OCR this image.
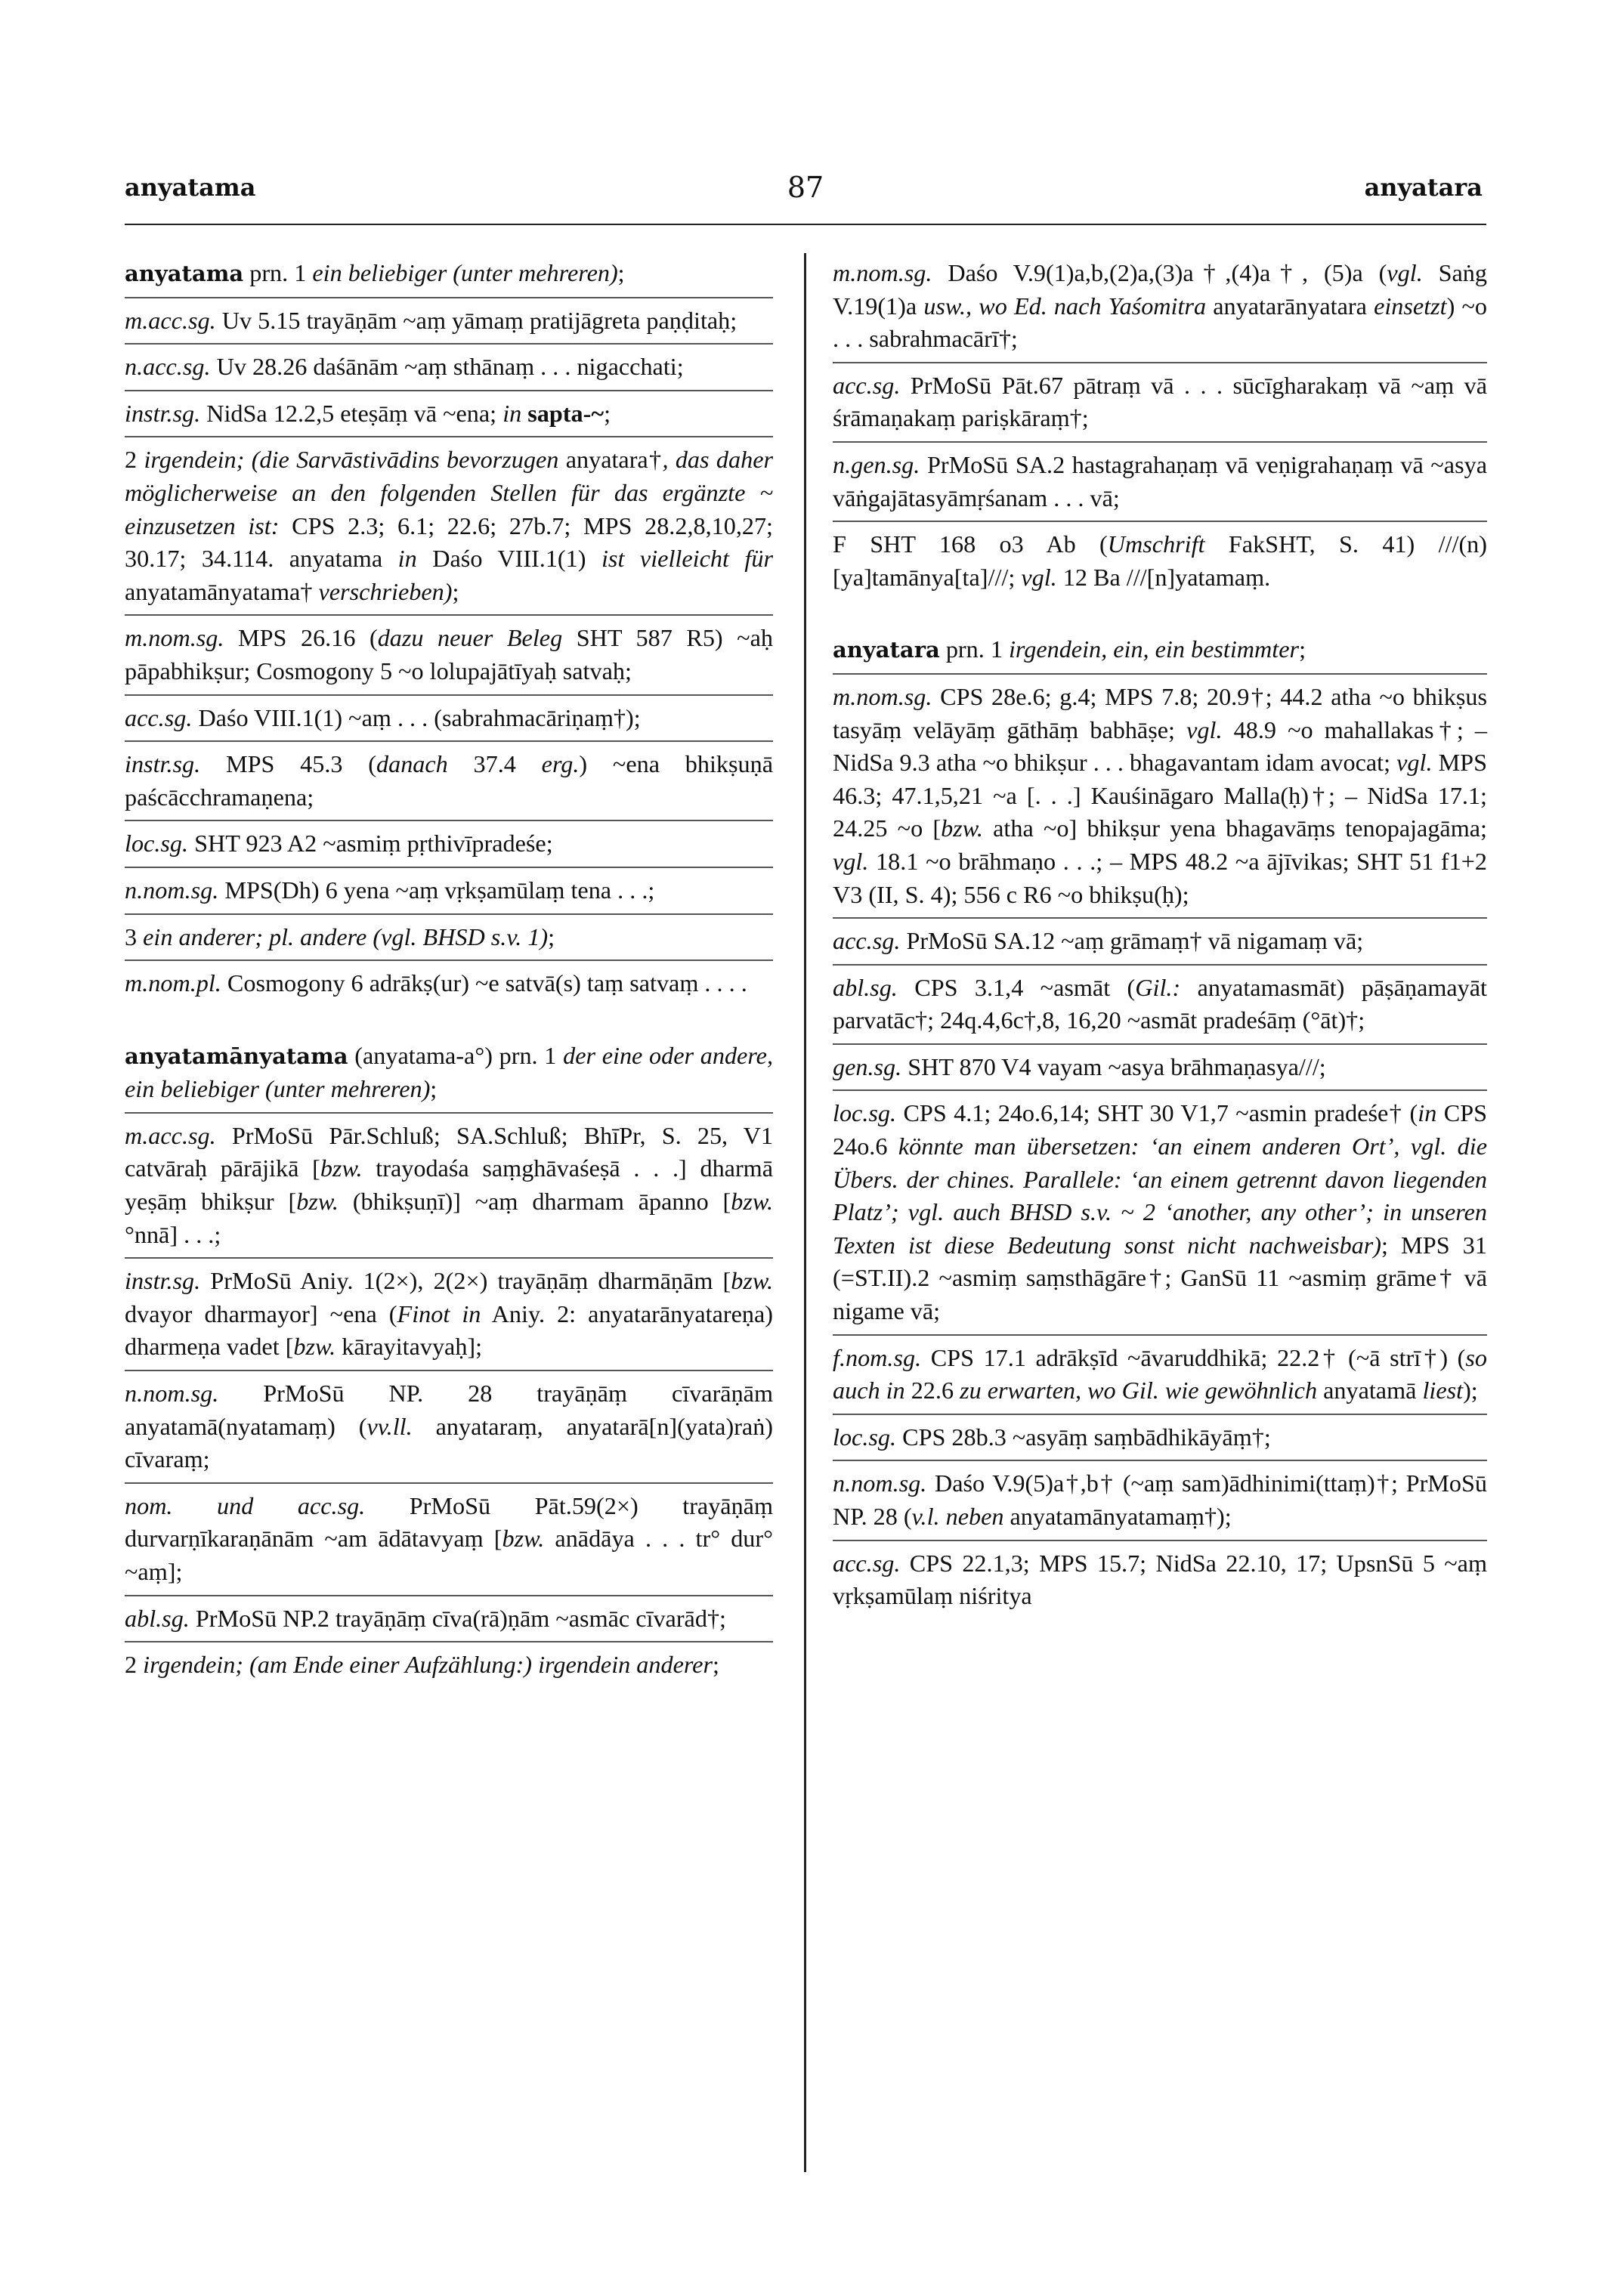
anyatama	87	anyatara

anyatama prn. 1 ein beliebiger (unter mehreren);

m.acc.sg. Uv 5.15 trayāṇām ~aṃ yāmaṃ pratijāgreta paṇḍitaḥ;

n.acc.sg. Uv 28.26 daśānām ~aṃ sthānaṃ . . . nigacchati;

instr.sg. NidSa 12.2,5 eteṣāṃ vā ~ena; in sapta-~;

2 irgendein; (die Sarvāstivādins bevorzugen anyatara†, das daher möglicherweise an den folgenden Stellen für das ergänzte ~ einzusetzen ist: CPS 2.3; 6.1; 22.6; 27b.7; MPS 28.2,8,10,27; 30.17; 34.114. anyatama in Daśo VIII.1(1) ist vielleicht für anyatamānyatama† verschrieben);

m.nom.sg. MPS 26.16 (dazu neuer Beleg SHT 587 R5) ~aḥ pāpabhikṣur; Cosmogony 5 ~o lolupajātīyaḥ satvaḥ;

acc.sg. Daśo VIII.1(1) ~aṃ . . . (sabrahmacāriṇaṃ†);

instr.sg. MPS 45.3 (danach 37.4 erg.) ~ena bhikṣuṇā paścācchramaṇena;

loc.sg. SHT 923 A2 ~asmiṃ pṛthivīpradeśe;

n.nom.sg. MPS(Dh) 6 yena ~aṃ vṛkṣamūlaṃ tena . . .;

3 ein anderer; pl. andere (vgl. BHSD s.v. 1);

m.nom.pl. Cosmogony 6 adrākṣ(ur) ~e satvā(s) taṃ satvaṃ . . . .

anyatamānyatama (anyatama-a°) prn. 1 der eine oder andere, ein beliebiger (unter mehreren);

m.acc.sg. PrMoSū Pār.Schluß; SA.Schluß; BhīPr, S. 25, V1 catvāraḥ pārājikā [bzw. trayodaśa saṃghāvaśeṣā . . .] dharmā yeṣāṃ bhikṣur [bzw. (bhikṣuṇī)] ~aṃ dharmam āpanno [bzw. °nnā] . . .;

instr.sg. PrMoSū Aniy. 1(2×), 2(2×) trayāṇāṃ dharmāṇām [bzw. dvayor dharmayor] ~ena (Finot in Aniy. 2: anyatarānyatareṇa) dharmeṇa vadet [bzw. kārayitavyaḥ];

n.nom.sg. PrMoSū NP. 28 trayāṇāṃ cīvarāṇām anyatamā(nyatamaṃ) (vv.ll. anyataraṃ, anyatarā[n](yata)raṅ) cīvaraṃ;

nom. und acc.sg. PrMoSū Pāt.59(2×) trayāṇāṃ durvarṇīkaraṇānām ~am ādātavyaṃ [bzw. anādāya . . . tr° dur° ~aṃ];

abl.sg. PrMoSū NP.2 trayāṇāṃ cīva(rā)ṇām ~asmāc cīvarād†;

2 irgendein; (am Ende einer Aufzählung:) irgendein anderer;

m.nom.sg. Daśo V.9(1)a,b,(2)a,(3)a†,(4)a†, (5)a (vgl. Saṅg V.19(1)a usw., wo Ed. nach Yaśomitra anyatarānyatara einsetzt) ~o . . . sabrahmacārī†;

acc.sg. PrMoSū Pāt.67 pātraṃ vā . . . sūcīgharakaṃ vā ~aṃ vā śrāmaṇakaṃ pariṣkāraṃ†;

n.gen.sg. PrMoSū SA.2 hastagrahaṇaṃ vā veṇigrahaṇaṃ vā ~asya vāṅgajātasyāmṛśanam . . . vā;

F SHT 168 o3 Ab (Umschrift FakSHT, S. 41) ///(n)[ya]tamānya[ta]///; vgl. 12 Ba ///[n]yatamaṃ.

anyatara prn. 1 irgendein, ein, ein bestimmter;

m.nom.sg. CPS 28e.6; g.4; MPS 7.8; 20.9†; 44.2 atha ~o bhikṣus tasyāṃ velāyāṃ gāthāṃ babhāṣe; vgl. 48.9 ~o mahallakas†; – NidSa 9.3 atha ~o bhikṣur . . . bhagavantam idam avocat; vgl. MPS 46.3; 47.1,5,21 ~a [. . .] Kauśināgaro Malla(ḥ)†; – NidSa 17.1; 24.25 ~o [bzw. atha ~o] bhikṣur yena bhagavāṃs tenopajagāma; vgl. 18.1 ~o brāhmaṇo . . .; – MPS 48.2 ~a ājīvikas; SHT 51 f1+2 V3 (II, S. 4); 556 c R6 ~o bhikṣu(ḥ);

acc.sg. PrMoSū SA.12 ~aṃ grāmaṃ† vā nigamaṃ vā;

abl.sg. CPS 3.1,4 ~asmāt (Gil.: anyatamasmāt) pāṣāṇamayāt parvatāc†; 24q.4,6c†,8, 16,20 ~asmāt pradeśāṃ (°āt)†;

gen.sg. SHT 870 V4 vayam ~asya brāhmaṇasya///;

loc.sg. CPS 4.1; 24o.6,14; SHT 30 V1,7 ~asmin pradeśe† (in CPS 24o.6 könnte man übersetzen: ‘an einem anderen Ort’, vgl. die Übers. der chines. Parallele: ‘an einem getrennt davon liegenden Platz’; vgl. auch BHSD s.v. ~ 2 ‘another, any other’; in unseren Texten ist diese Bedeutung sonst nicht nachweisbar); MPS 31 (=ST.II).2 ~asmiṃ saṃsthāgāre†; GanSū 11 ~asmiṃ grāme† vā nigame vā;

f.nom.sg. CPS 17.1 adrākṣīd ~āvaruddhikā; 22.2† (~ā strī†) (so auch in 22.6 zu erwarten, wo Gil. wie gewöhnlich anyatamā liest);

loc.sg. CPS 28b.3 ~asyāṃ saṃbādhikāyāṃ†;

n.nom.sg. Daśo V.9(5)a†,b† (~aṃ sam)ādhinimi(ttaṃ)†; PrMoSū NP. 28 (v.l. neben anyatamānyatamaṃ†);

acc.sg. CPS 22.1,3; MPS 15.7; NidSa 22.10, 17; UpsnSū 5 ~aṃ vṛkṣamūlaṃ niśritya
